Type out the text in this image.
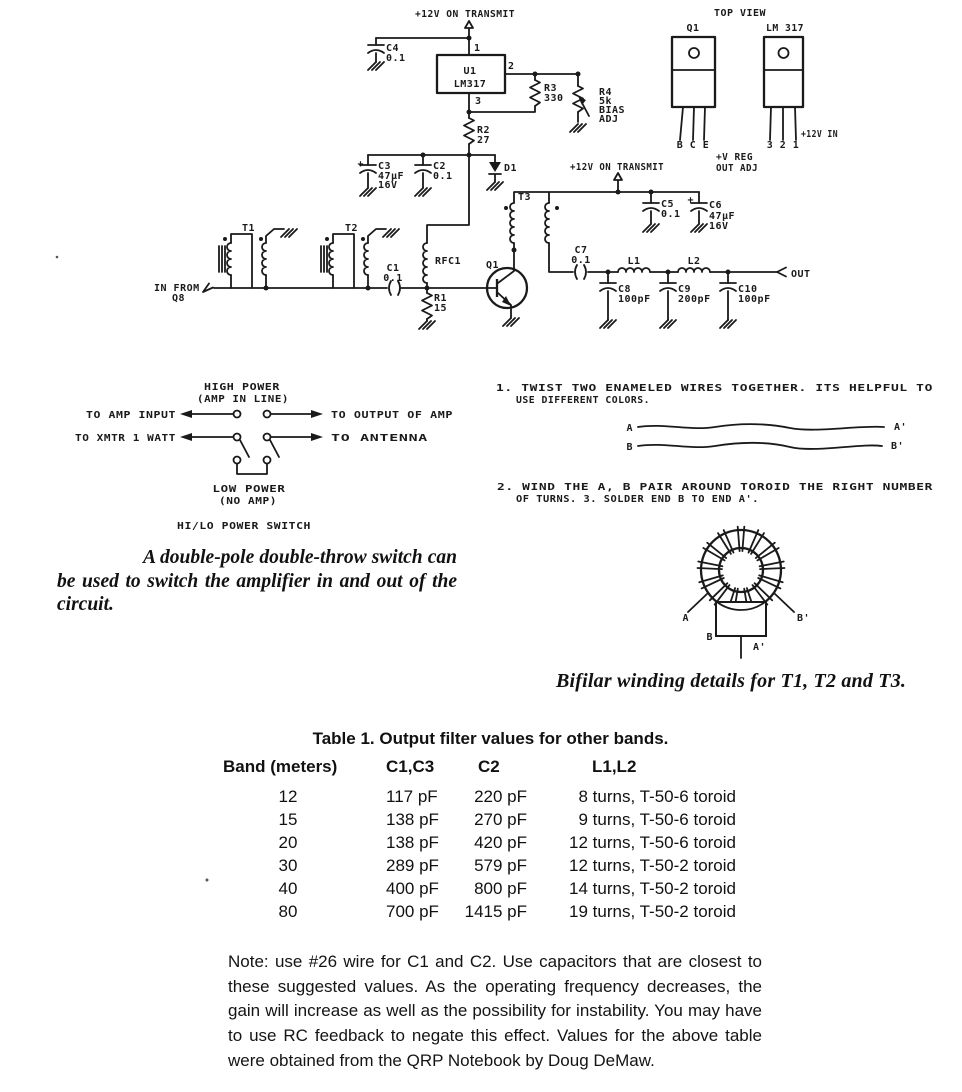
+12V ON TRANSMIT
C4
0.1
1
U1
LM317
2
3
R3
330
R4
5k
BIAS
ADJ
R2
27
+ C3
47µF
16V
C2
0.1
D1
T1	T2
T3
C1
0.1
RFC1
R1
15
Q1
IN FROM
Q8
+12V ON TRANSMIT
C5
0.1
+ C6
47µF
16V
C7
0.1	L1	L2
C8
100pF
C9
200pF
C10
100pF
OUT
TOP VIEW
Q1	LM 317
B C E	3 2 1
+12V IN
+V REG
OUT ADJ
HIGH POWER
(AMP IN LINE)
TO AMP INPUT	TO OUTPUT OF AMP
TO XMTR 1 WATT	TO ANTENNA
LOW POWER
(NO AMP)
HI/LO POWER SWITCH
1. TWIST TWO ENAMELED WIRES TOGETHER. ITS HELPFUL TO
USE DIFFERENT COLORS.
A	A'
B	B'
2. WIND THE A, B PAIR AROUND TOROID THE RIGHT NUMBER
OF TURNS. 3. SOLDER END B TO END A'.
A	B'
B
A'
A double-pole double-throw switch can be used to switch the amplifier in and out of the circuit.
Bifilar winding details for T1, T2 and T3.

Table 1. Output filter values for other bands.

Band (meters)	C1,C3	C2	L1,L2
12	117 pF	220 pF	8 turns, T-50-6 toroid
15	138 pF	270 pF	9 turns, T-50-6 toroid
20	138 pF	420 pF	12 turns, T-50-6 toroid
30	289 pF	579 pF	12 turns, T-50-2 toroid
40	400 pF	800 pF	14 turns, T-50-2 toroid
80	700 pF	1415 pF	19 turns, T-50-2 toroid
Note: use #26 wire for C1 and C2. Use capacitors that are closest to these suggested values. As the operating frequency decreases, the gain will increase as well as the possibility for instability. You may have to use RC feedback to negate this effect. Values for the above table were obtained from the QRP Notebook by Doug DeMaw.
